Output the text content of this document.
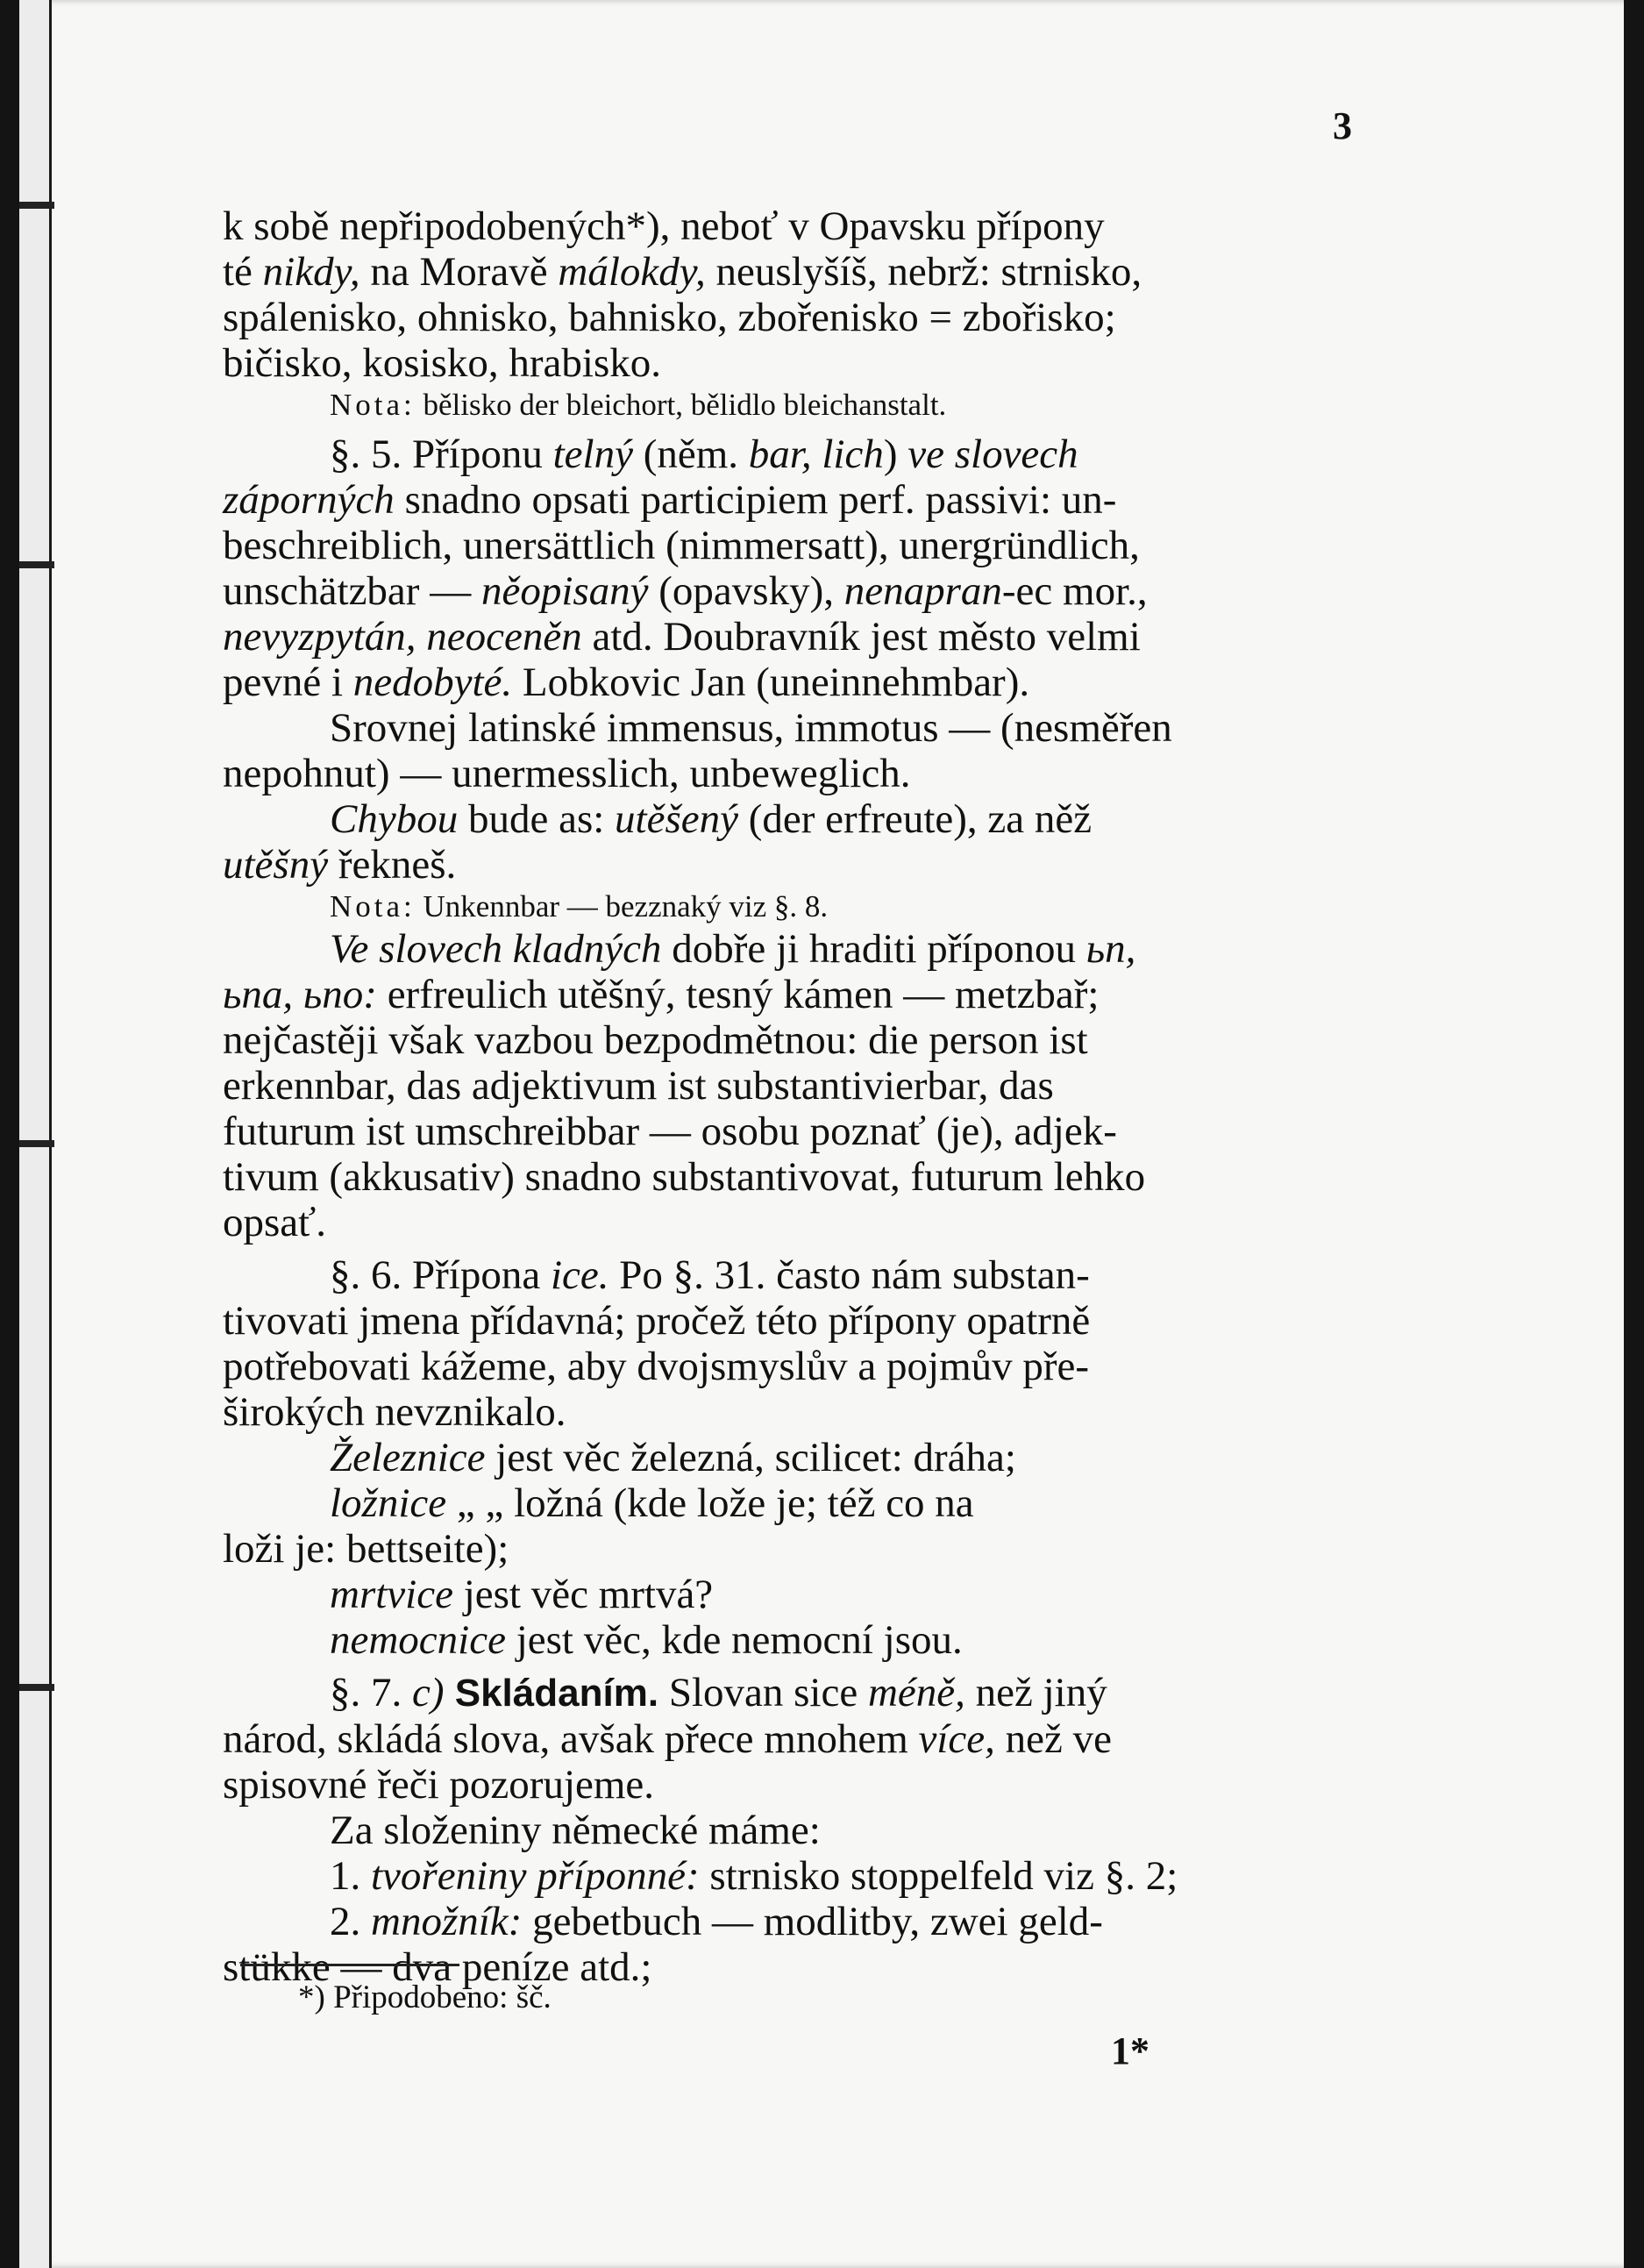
3

k sobě nepřipodobených*), neboť v Opavsku přípony

té nikdy, na Moravě málokdy, neuslyšíš, nebrž: strnisko,

spálenisko, ohnisko, bahnisko, zbořenisko = zbořisko;

bičisko, kosisko, hrabisko.

Nota: bělisko der bleichort, bělidlo bleichanstalt.

§. 5. Příponu telný (něm. bar, lich) ve slovech

záporných snadno opsati participiem perf. passivi: un-

beschreiblich, unersättlich (nimmersatt), unergründlich,

unschätzbar — něopisaný (opavsky), nenapran-ec mor.,

nevyzpytán, neoceněn atd. Doubravník jest město velmi

pevné i nedobyté. Lobkovic Jan (uneinnehmbar).

Srovnej latinské immensus, immotus — (nesměřen

nepohnut) — unermesslich, unbeweglich.

Chybou bude as: utěšený (der erfreute), za něž

utěšný řekneš.

Nota: Unkennbar — bezznaký viz §. 8.

Ve slovech kladných dobře ji hraditi příponou ьn,

ьna, ьno: erfreulich utěšný, tesný kámen — metzbař;

nejčastěji však vazbou bezpodmětnou: die person ist

erkennbar, das adjektivum ist substantivierbar, das

futurum ist umschreibbar — osobu poznať (je), adjek-

tivum (akkusativ) snadno substantivovat, futurum lehko

opsať.

§. 6. Přípona ice. Po §. 31. často nám substan-

tivovati jmena přídavná; pročež této přípony opatrně

potřebovati kážeme, aby dvojsmyslův a pojmův pře-

širokých nevznikalo.

Železnice jest věc železná, scilicet: dráha;

ložnice „ „ ložná (kde lože je; též co na

loži je: bettseite);

mrtvice jest věc mrtvá?

nemocnice jest věc, kde nemocní jsou.

§. 7. c) Skládaním. Slovan sice méně, než jiný

národ, skládá slova, avšak přece mnohem více, než ve

spisovné řeči pozorujeme.

Za složeniny německé máme:

1. tvořeniny příponné: strnisko stoppelfeld viz §. 2;

2. množník: gebetbuch — modlitby, zwei geld-

stükke — dva peníze atd.;

*) Připodobeno: šč.
1*
